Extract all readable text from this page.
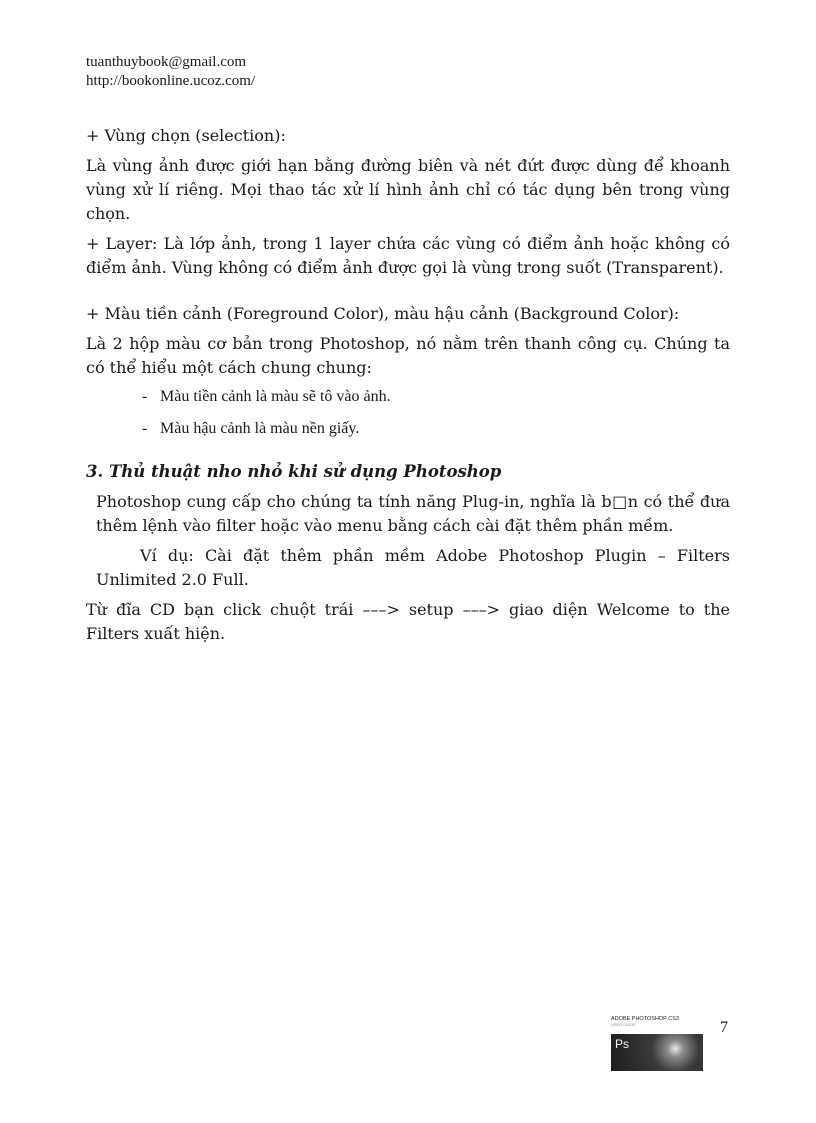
tuanthuybook@gmail.com
http://bookonline.ucoz.com/

+ Vùng chọn (selection):

Là vùng ảnh được giới hạn bằng đường biên và nét đứt được dùng để khoanh vùng xử lí riêng. Mọi thao tác xử lí hình ảnh chỉ có tác dụng bên trong vùng chọn.

+ Layer: Là lớp ảnh, trong 1 layer chứa các vùng có điểm ảnh hoặc không có điểm ảnh. Vùng không có điểm ảnh được gọi là vùng trong suốt (Transparent).

+ Màu tiền cảnh (Foreground Color), màu hậu cảnh (Background Color):

Là 2 hộp màu cơ bản trong Photoshop, nó nằm trên thanh công cụ. Chúng ta có thể hiểu một cách chung chung:

- Màu tiền cảnh là màu sẽ tô vào ảnh.
- Màu hậu cảnh là màu nền giấy.

3. Thủ thuật nho nhỏ khi sử dụng Photoshop

Photoshop cung cấp cho chúng ta tính năng Plug-in, nghĩa là b□n có thể đưa thêm lệnh vào filter hoặc vào menu bằng cách cài đặt thêm phần mềm.

Ví dụ: Cài đặt thêm phần mềm Adobe Photoshop Plugin – Filters Unlimited 2.0 Full.

Từ đĩa CD bạn click chuột trái –––> setup –––> giao diện Welcome to the Filters xuất hiện.

ADOBE PHOTOSHOP CS3
USER GUIDE
Ps
7
